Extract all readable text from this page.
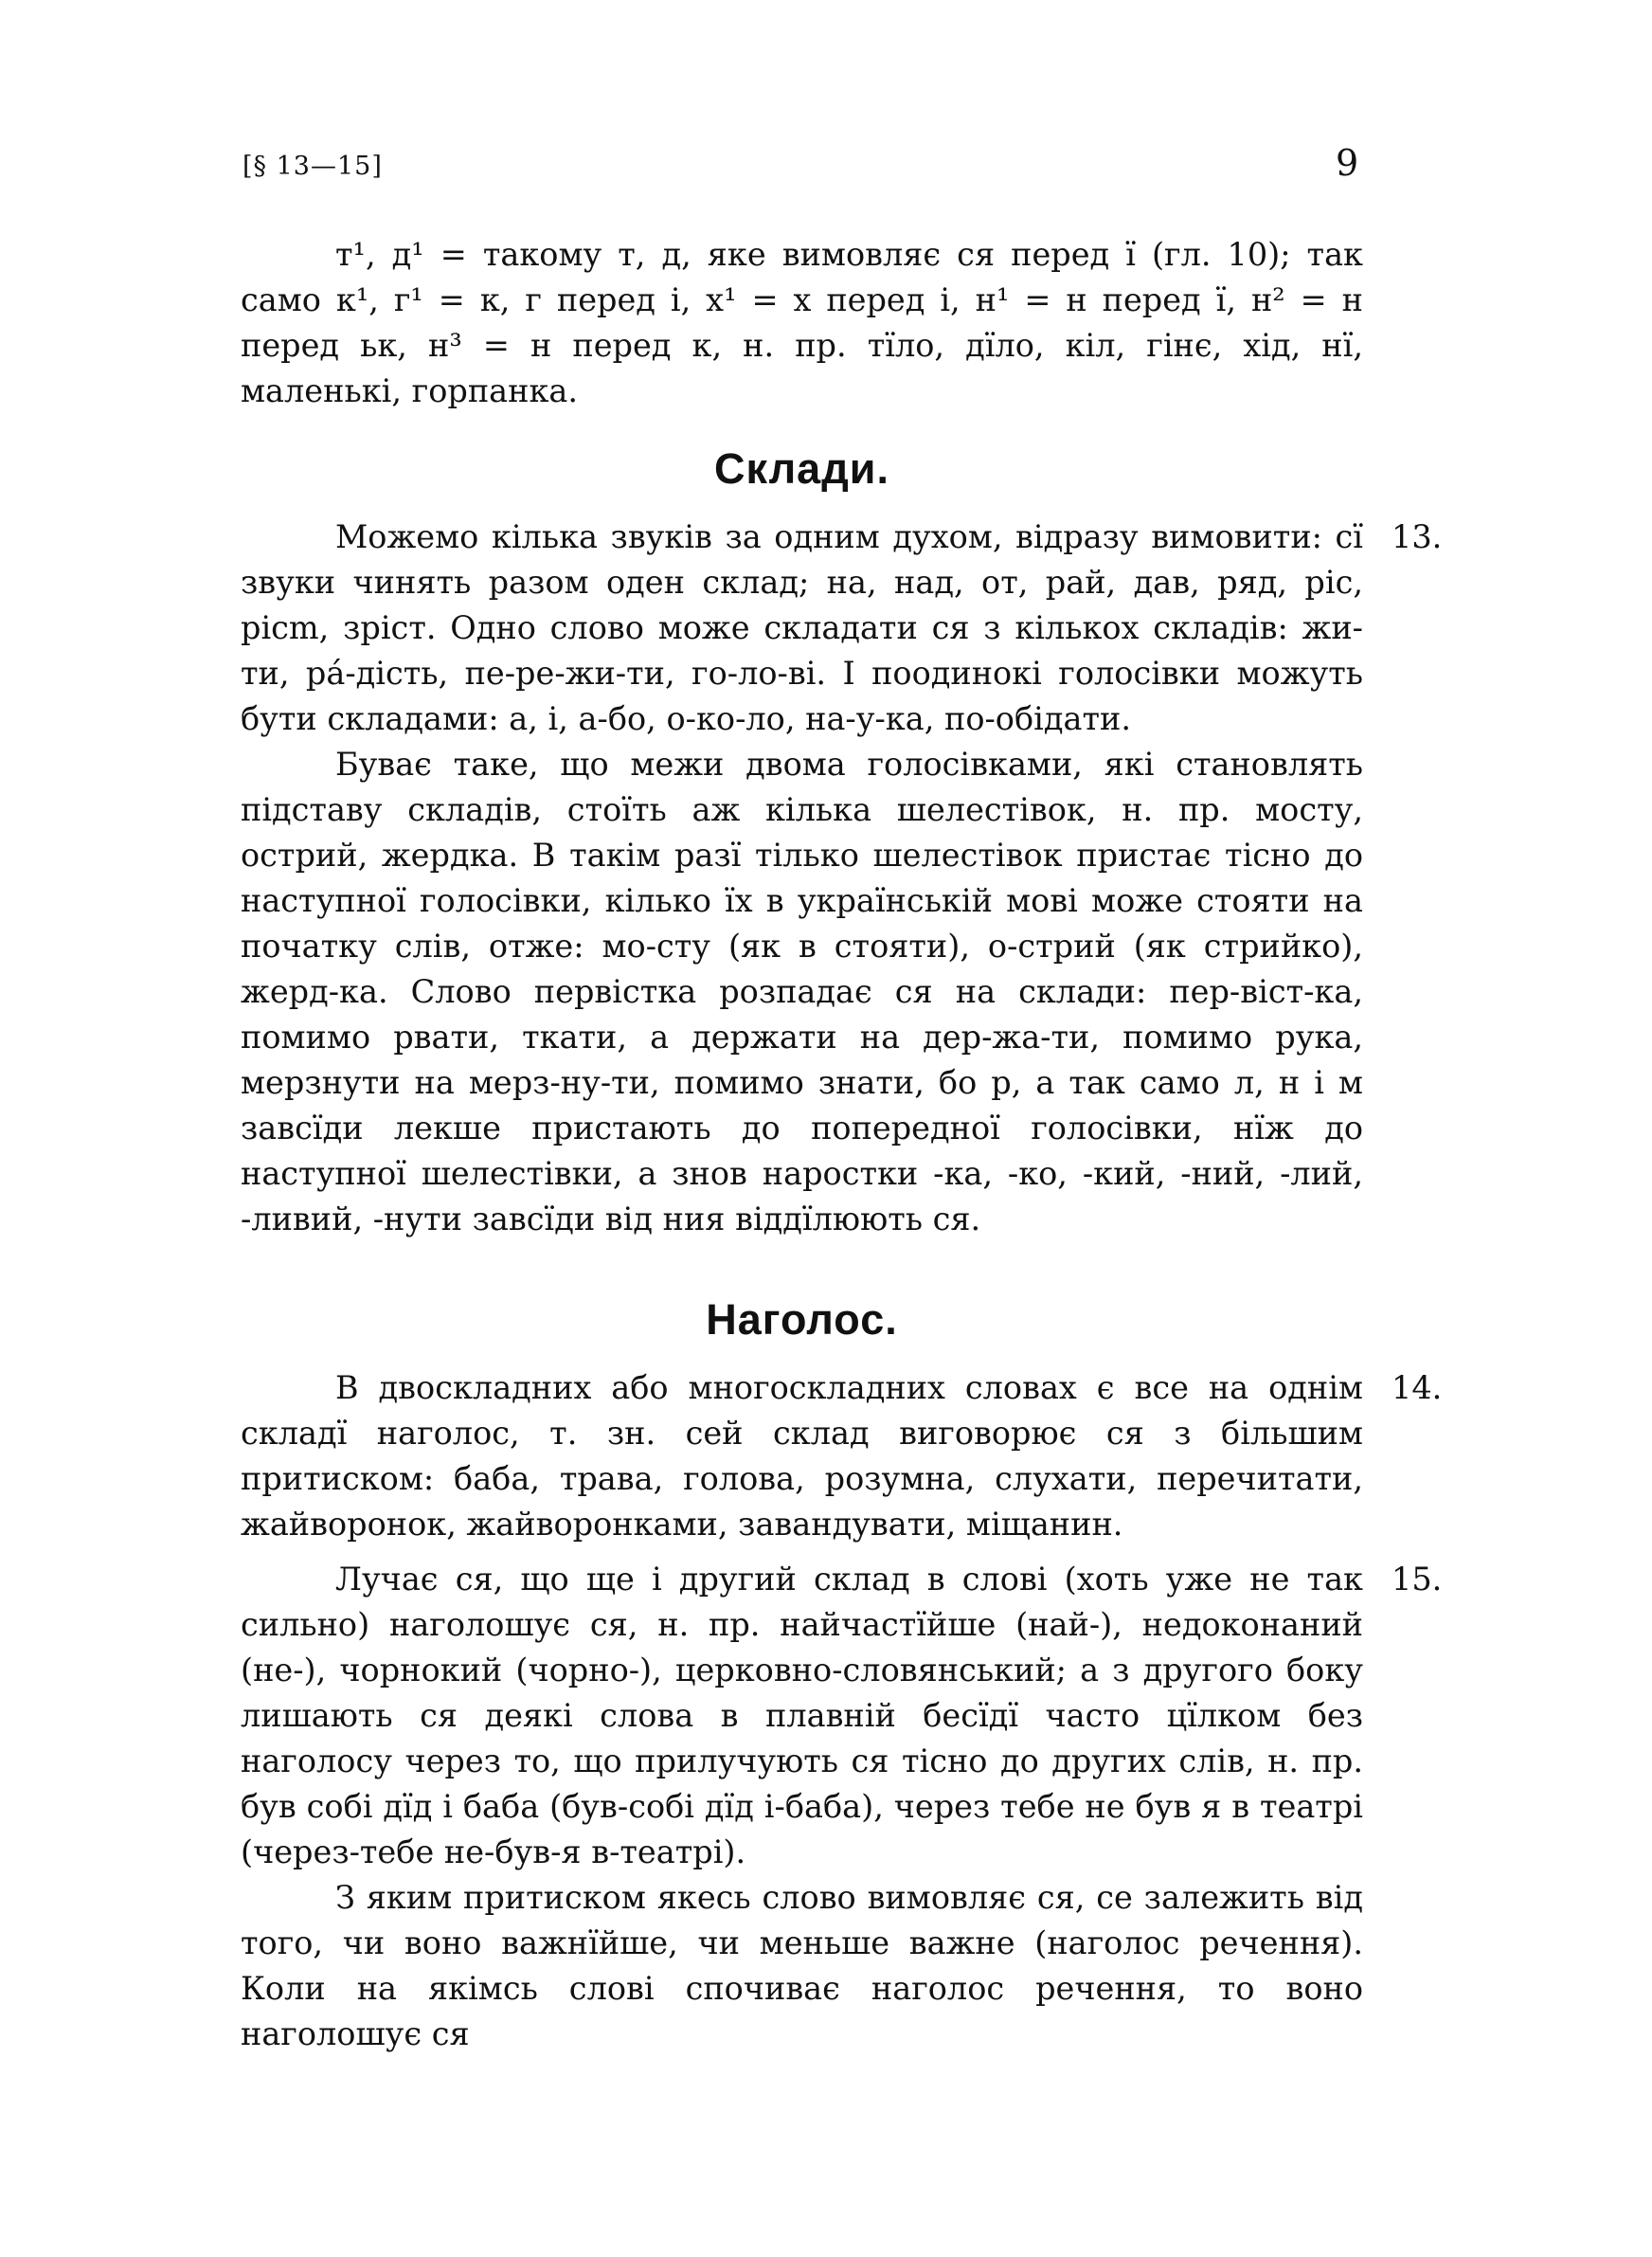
[§ 13—15]	9

т¹, д¹ = такому т, д, яке вимовляє ся перед ї (гл. 10); так само к¹, г¹ = к, г перед і, х¹ = х перед і, н¹ = н перед ї, н² = н перед ьк, н³ = н перед к, н. пр. тїло, дїло, кіл, гінє, хід, нї, маленькі, горпанка.

Склади.

Можемо кілька звуків за одним духом, відразу вимовити: сї звуки чинять разом оден склад; на, над, от, рай, дав, ряд, ріс, рісm, зріст. Одно слово може складати ся з кількох складів: жи-ти, рá-дість, пе-ре-жи-ти, го-ло-ві. І поодинокі голосівки можуть бути складами: а, і, а-бо, о-ко-ло, на-у-ка, по-обідати.

13.

Буває таке, що межи двома голосівками, які становлять підставу складів, стоїть аж кілька шелестівок, н. пр. мосту, острий, жердка. В такім разї тілько шелестівок пристає тісно до наступної голосівки, кілько їх в українській мові може стояти на початку слів, отже: мо-сту (як в стояти), о-стрий (як стрийко), жерд-ка. Слово первістка розпадає ся на склади: пер-віст-ка, помимо рвати, ткати, а держати на дер-жа-ти, помимо рука, мерзнути на мерз-ну-ти, помимо знати, бо р, а так само л, н і м завсїди лекше пристають до попередної голосівки, нїж до наступної шелестівки, а знов наростки -ка, -ко, -кий, -ний, -лий, -ливий, -нути завсїди від ния віддїлюють ся.

Наголос.

В двоскладних або многоскладних словах є все на однім складї наголос, т. зн. сей склад виговорює ся з більшим притиском: баба, трава, голова, розумна, слухати, перечитати, жайворонок, жайворонками, завандувати, міщанин.

14.

Лучає ся, що ще і другий склад в слові (хоть уже не так сильно) наголошує ся, н. пр. найчастїйше (най-), недоконаний (не-), чорнокий (чорно-), церковно-словянський; а з другого боку лишають ся деякі слова в плавній бесїдї часто цїлком без наголосу через то, що прилучують ся тісно до других слів, н. пр. був собі дїд і баба (був-собі дїд і-баба), через тебе не був я в театрі (через-тебе не-був-я в-театрі).

15.

З яким притиском якесь слово вимовляє ся, се залежить від того, чи воно важнїйше, чи меньше важне (наголос речення). Коли на якімсь слові спочиває наголос речення, то воно наголошує ся
